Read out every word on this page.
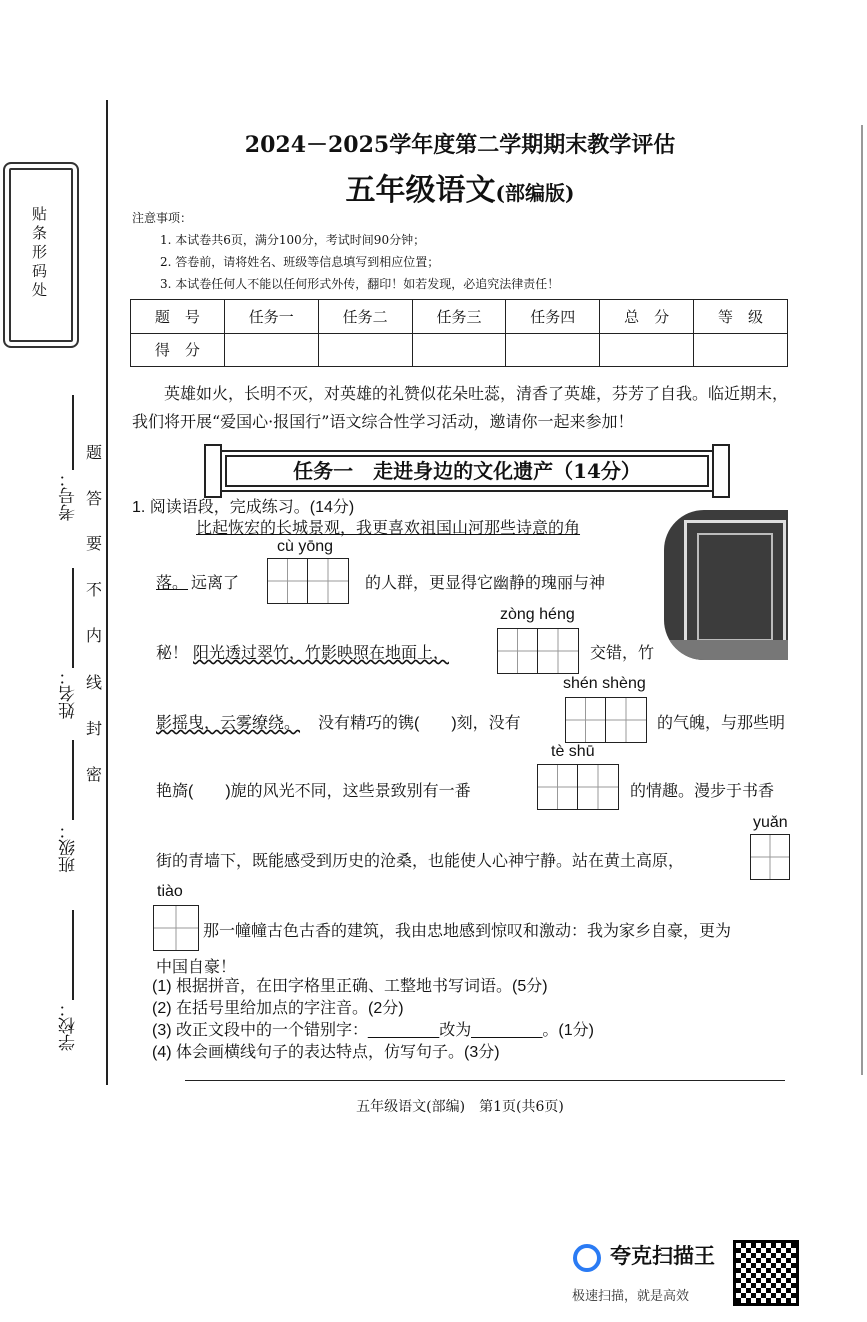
贴条形码处
考号：
姓名：
班级：
学校：
题
答
要
不
内
线
封
密
2024－2025学年度第二学期期末教学评估
五年级语文(部编版)
注意事项：
1. 本试卷共6页，满分100分，考试时间90分钟；
2. 答卷前，请将姓名、班级等信息填写到相应位置；
3. 本试卷任何人不能以任何形式外传，翻印！如若发现，必追究法律责任！
题　号	任务一	任务二	任务三	任务四	总　分	等　级
得　分						
英雄如火，长明不灭，对英雄的礼赞似花朵吐蕊，清香了英雄，芬芳了自我。临近期末，我们将开展“爱国心·报国行”语文综合性学习活动，邀请你一起来参加！
任务一　走进身边的文化遗产（14分）
1. 阅读语段，完成练习。(14分)
比起恢宏的长城景观，我更喜欢祖国山河那些诗意的角
cù yōng
落。 远离了	的人群，更显得它幽静的瑰丽与神
zòng héng
秘！ 阳光透过翠竹，竹影映照在地面上，	交错，竹
shén shèng
影摇曳，云雾缭绕。 没有精巧的镌(　　)刻，没有	的气魄，与那些明
tè shū
艳旖(　　)旎的风光不同，这些景致别有一番	的情趣。漫步于书香
yuǎn
街的青墙下，既能感受到历史的沧桑，也能使人心神宁静。站在黄土高原，
tiào
那一幢幢古色古香的建筑，我由忠地感到惊叹和激动：我为家乡自豪，更为
中国自豪！
(1) 根据拼音，在田字格里正确、工整地书写词语。(5分)
(2) 在括号里给加点的字注音。(2分)
(3) 改正文段中的一个错别字：________改为________。(1分)
(4) 体会画横线句子的表达特点，仿写句子。(3分)
五年级语文(部编)　第1页(共6页)
夸克扫描王
极速扫描，就是高效
